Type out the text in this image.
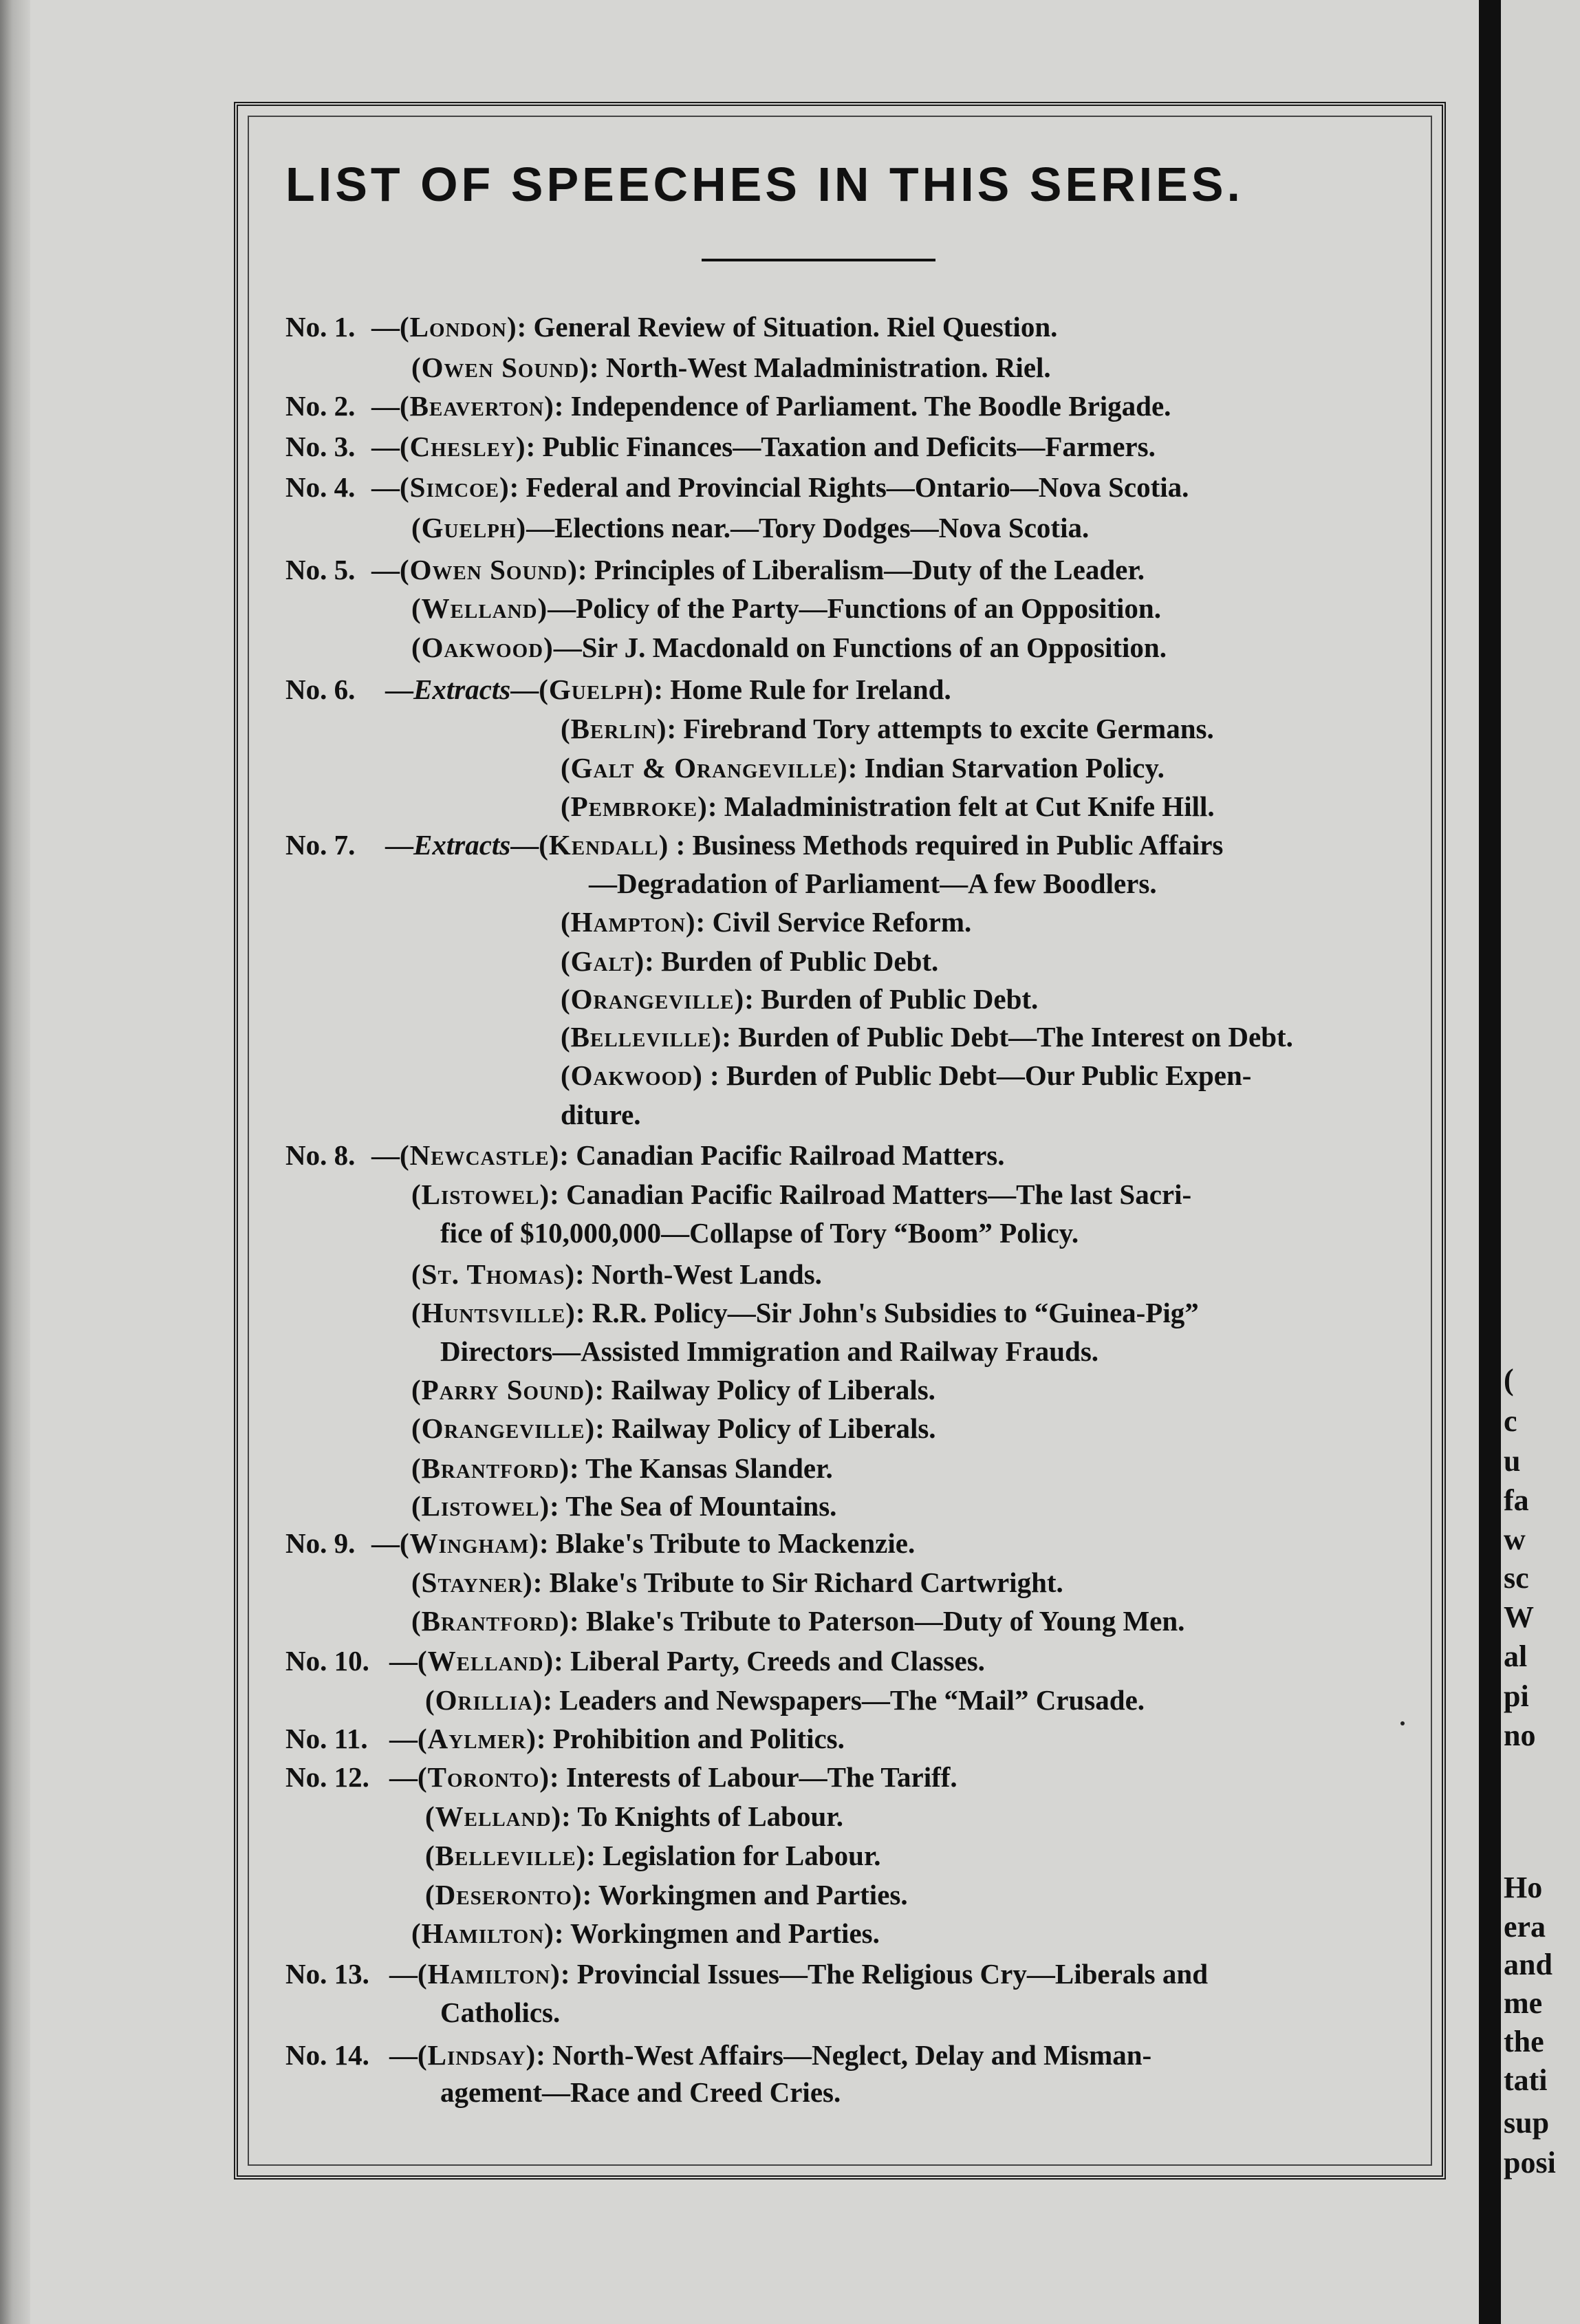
LIST OF SPEECHES IN THIS SERIES.
No. 1. —(London): General Review of Situation. Riel Question.
(Owen Sound): North-West Maladministration. Riel.
No. 2. —(Beaverton): Independence of Parliament. The Boodle Brigade.
No. 3. —(Chesley): Public Finances—Taxation and Deficits—Farmers.
No. 4. —(Simcoe): Federal and Provincial Rights—Ontario—Nova Scotia.
(Guelph)—Elections near.—Tory Dodges—Nova Scotia.
No. 5. —(Owen Sound): Principles of Liberalism—Duty of the Leader.
(Welland)—Policy of the Party—Functions of an Opposition.
(Oakwood)—Sir J. Macdonald on Functions of an Opposition.
No. 6. —Extracts—(Guelph): Home Rule for Ireland.
(Berlin): Firebrand Tory attempts to excite Germans.
(Galt & Orangeville): Indian Starvation Policy.
(Pembroke): Maladministration felt at Cut Knife Hill.
No. 7. —Extracts—(Kendall) : Business Methods required in Public Affairs
—Degradation of Parliament—A few Boodlers.
(Hampton): Civil Service Reform.
(Galt): Burden of Public Debt.
(Orangeville): Burden of Public Debt.
(Belleville): Burden of Public Debt—The Interest on Debt.
(Oakwood) : Burden of Public Debt—Our Public Expen-
diture.
No. 8. —(Newcastle): Canadian Pacific Railroad Matters.
(Listowel): Canadian Pacific Railroad Matters—The last Sacri-
fice of $10,000,000—Collapse of Tory “Boom” Policy.
(St. Thomas): North-West Lands.
(Huntsville): R.R. Policy—Sir John's Subsidies to “Guinea-Pig”
Directors—Assisted Immigration and Railway Frauds.
(Parry Sound): Railway Policy of Liberals.
(Orangeville): Railway Policy of Liberals.
(Brantford): The Kansas Slander.
(Listowel): The Sea of Mountains.
No. 9. —(Wingham): Blake's Tribute to Mackenzie.
(Stayner): Blake's Tribute to Sir Richard Cartwright.
(Brantford): Blake's Tribute to Paterson—Duty of Young Men.
No. 10. —(Welland): Liberal Party, Creeds and Classes.
(Orillia): Leaders and Newspapers—The “Mail” Crusade.
No. 11. —(Aylmer): Prohibition and Politics.
No. 12. —(Toronto): Interests of Labour—The Tariff.
(Welland): To Knights of Labour.
(Belleville): Legislation for Labour.
(Deseronto): Workingmen and Parties.
(Hamilton): Workingmen and Parties.
No. 13. —(Hamilton): Provincial Issues—The Religious Cry—Liberals and
Catholics.
No. 14. —(Lindsay): North-West Affairs—Neglect, Delay and Misman-
agement—Race and Creed Cries.
(
c
u
fa
w
sc
W
al
pi
no
Ho
era
and
me
the
tati
sup
posi
